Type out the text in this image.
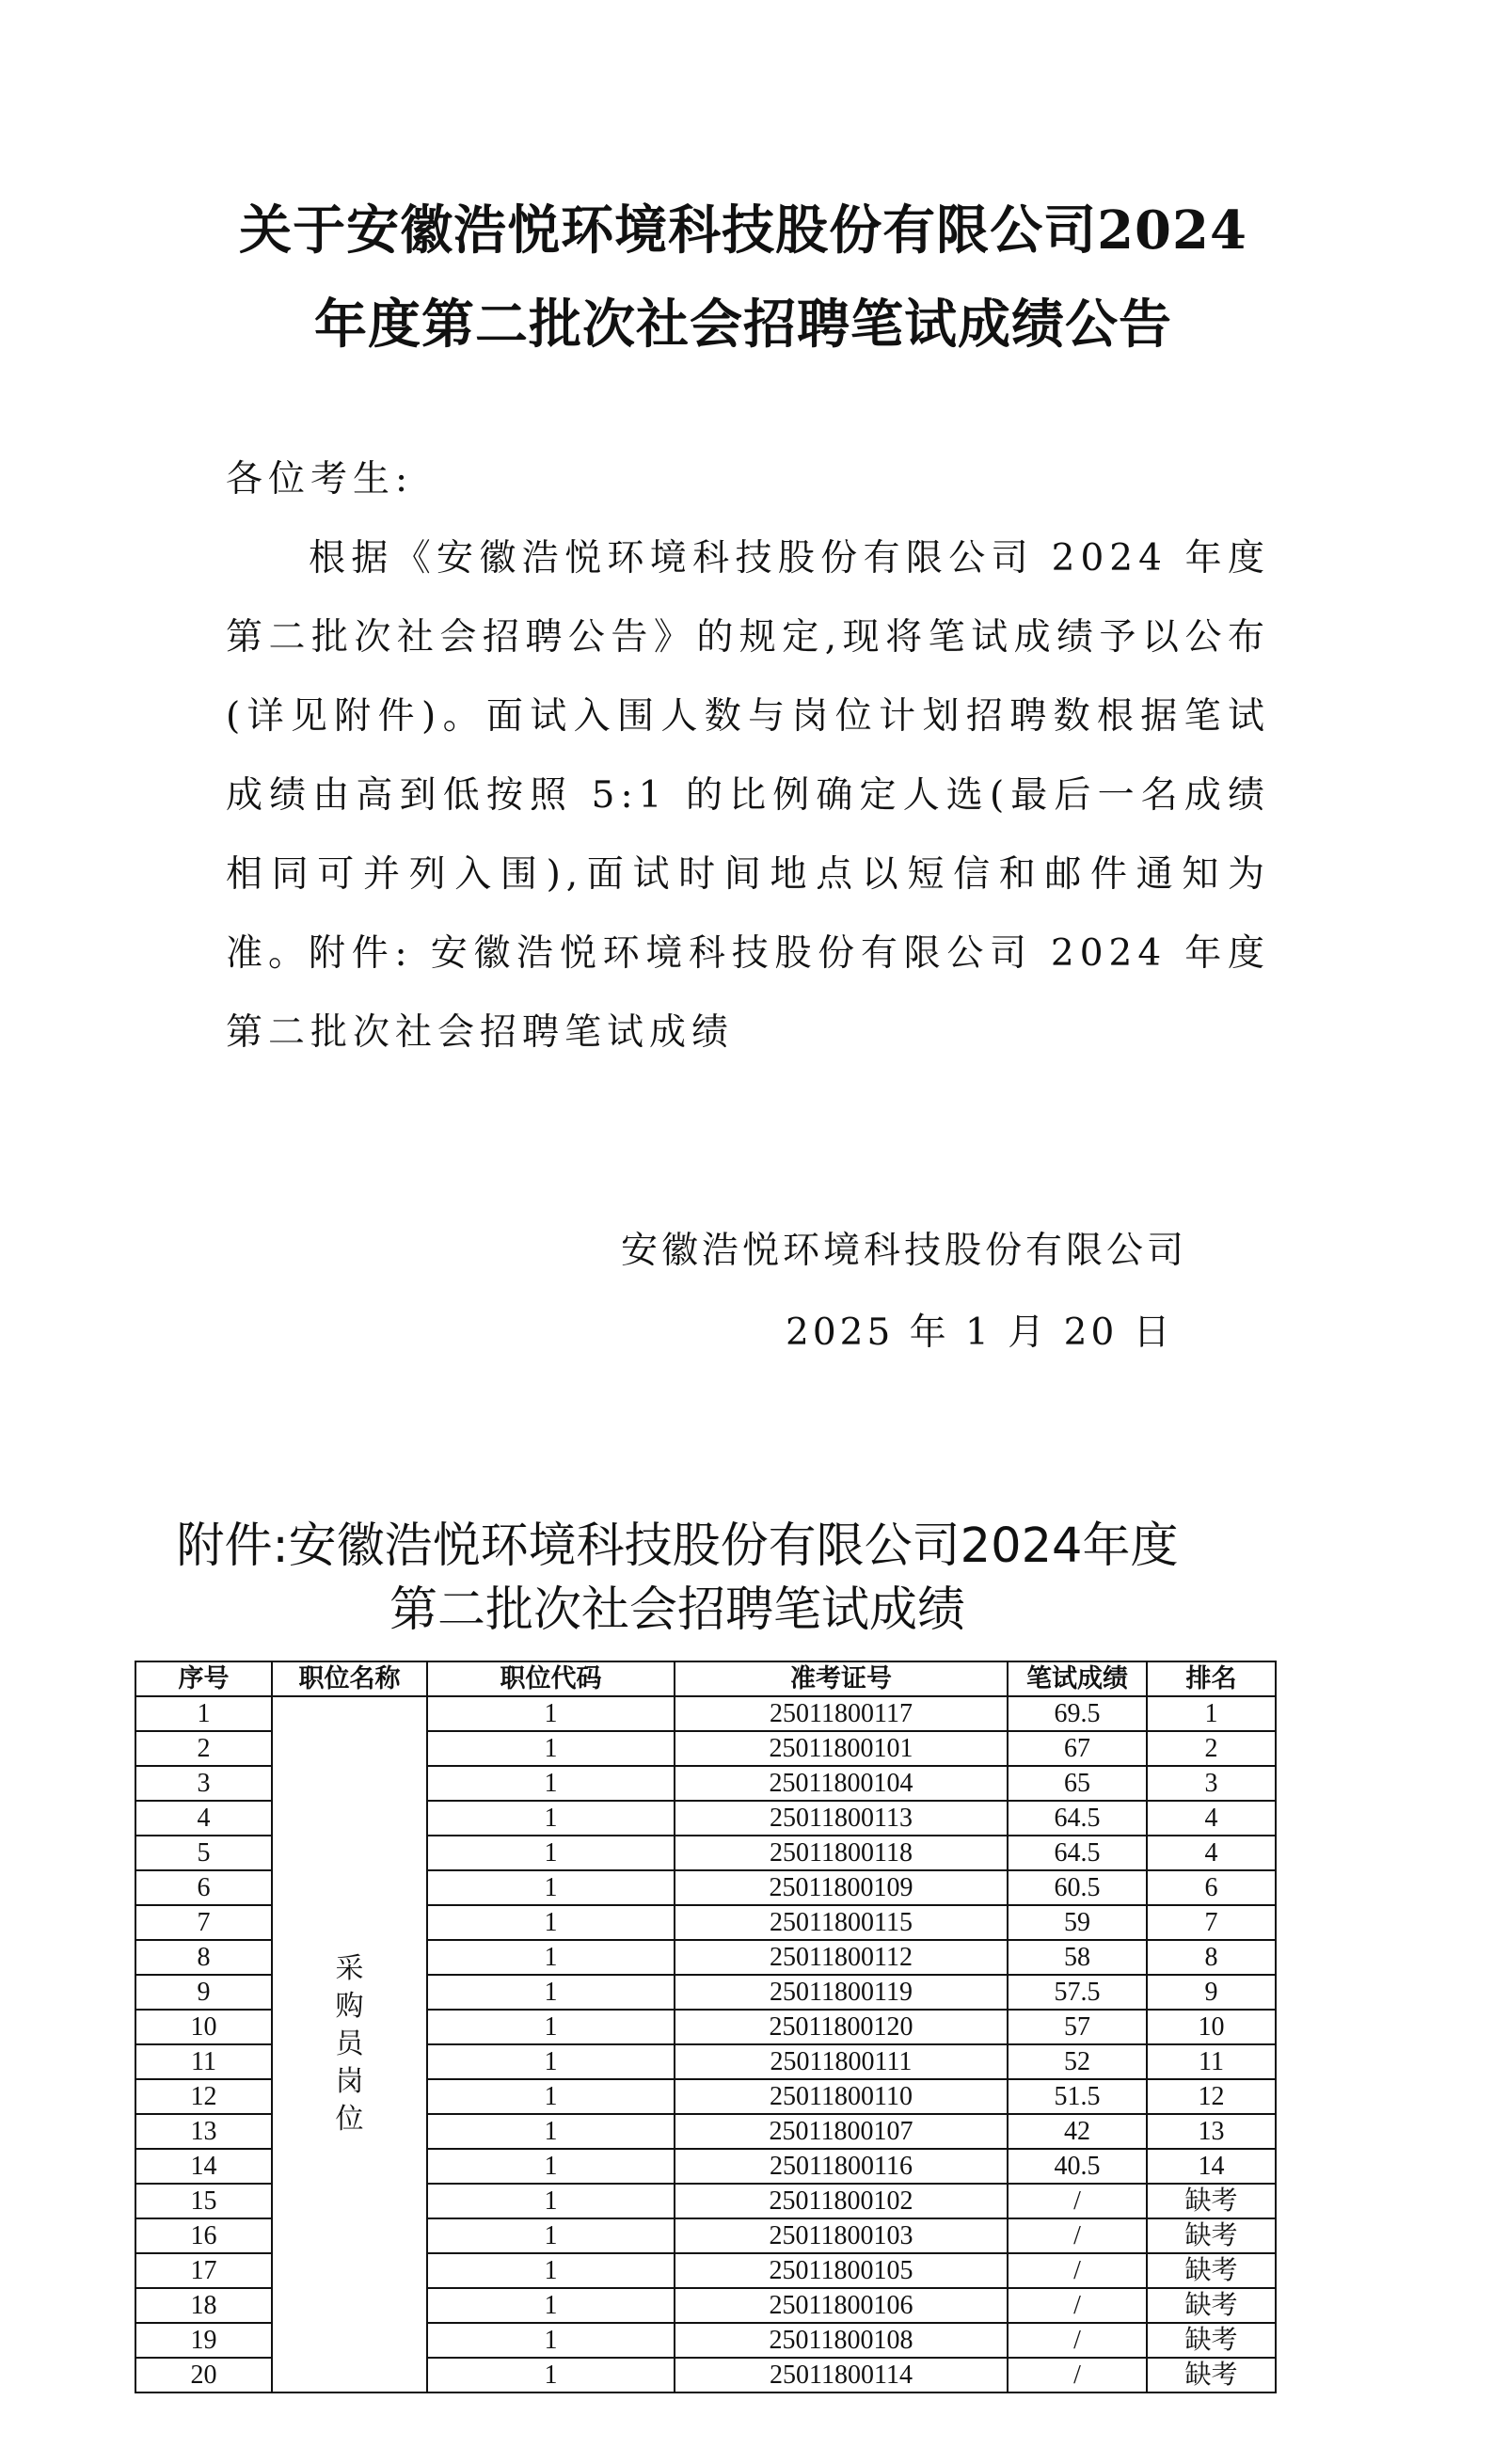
关于安徽浩悦环境科技股份有限公司2024
年度第二批次社会招聘笔试成绩公告
各位考生:
根据《安徽浩悦环境科技股份有限公司 2024 年度第二批次社会招聘公告》的规定,现将笔试成绩予以公布(详见附件)。面试入围人数与岗位计划招聘数根据笔试成绩由高到低按照 5:1 的比例确定人选(最后一名成绩相同可并列入围),面试时间地点以短信和邮件通知为准。
附件: 安徽浩悦环境科技股份有限公司 2024 年度第二批次社会招聘笔试成绩
安徽浩悦环境科技股份有限公司
2025 年 1 月 20 日
附件:安徽浩悦环境科技股份有限公司2024年度
第二批次社会招聘笔试成绩
序号	职位名称	职位代码	准考证号	笔试成绩	排名
1	采购员岗位	1	25011800117	69.5	1
2		1	25011800101	67	2
3		1	25011800104	65	3
4		1	25011800113	64.5	4
5		1	25011800118	64.5	4
6		1	25011800109	60.5	6
7		1	25011800115	59	7
8		1	25011800112	58	8
9		1	25011800119	57.5	9
10		1	25011800120	57	10
11		1	25011800111	52	11
12		1	25011800110	51.5	12
13		1	25011800107	42	13
14		1	25011800116	40.5	14
15		1	25011800102	/	缺考
16		1	25011800103	/	缺考
17		1	25011800105	/	缺考
18		1	25011800106	/	缺考
19		1	25011800108	/	缺考
20		1	25011800114	/	缺考
